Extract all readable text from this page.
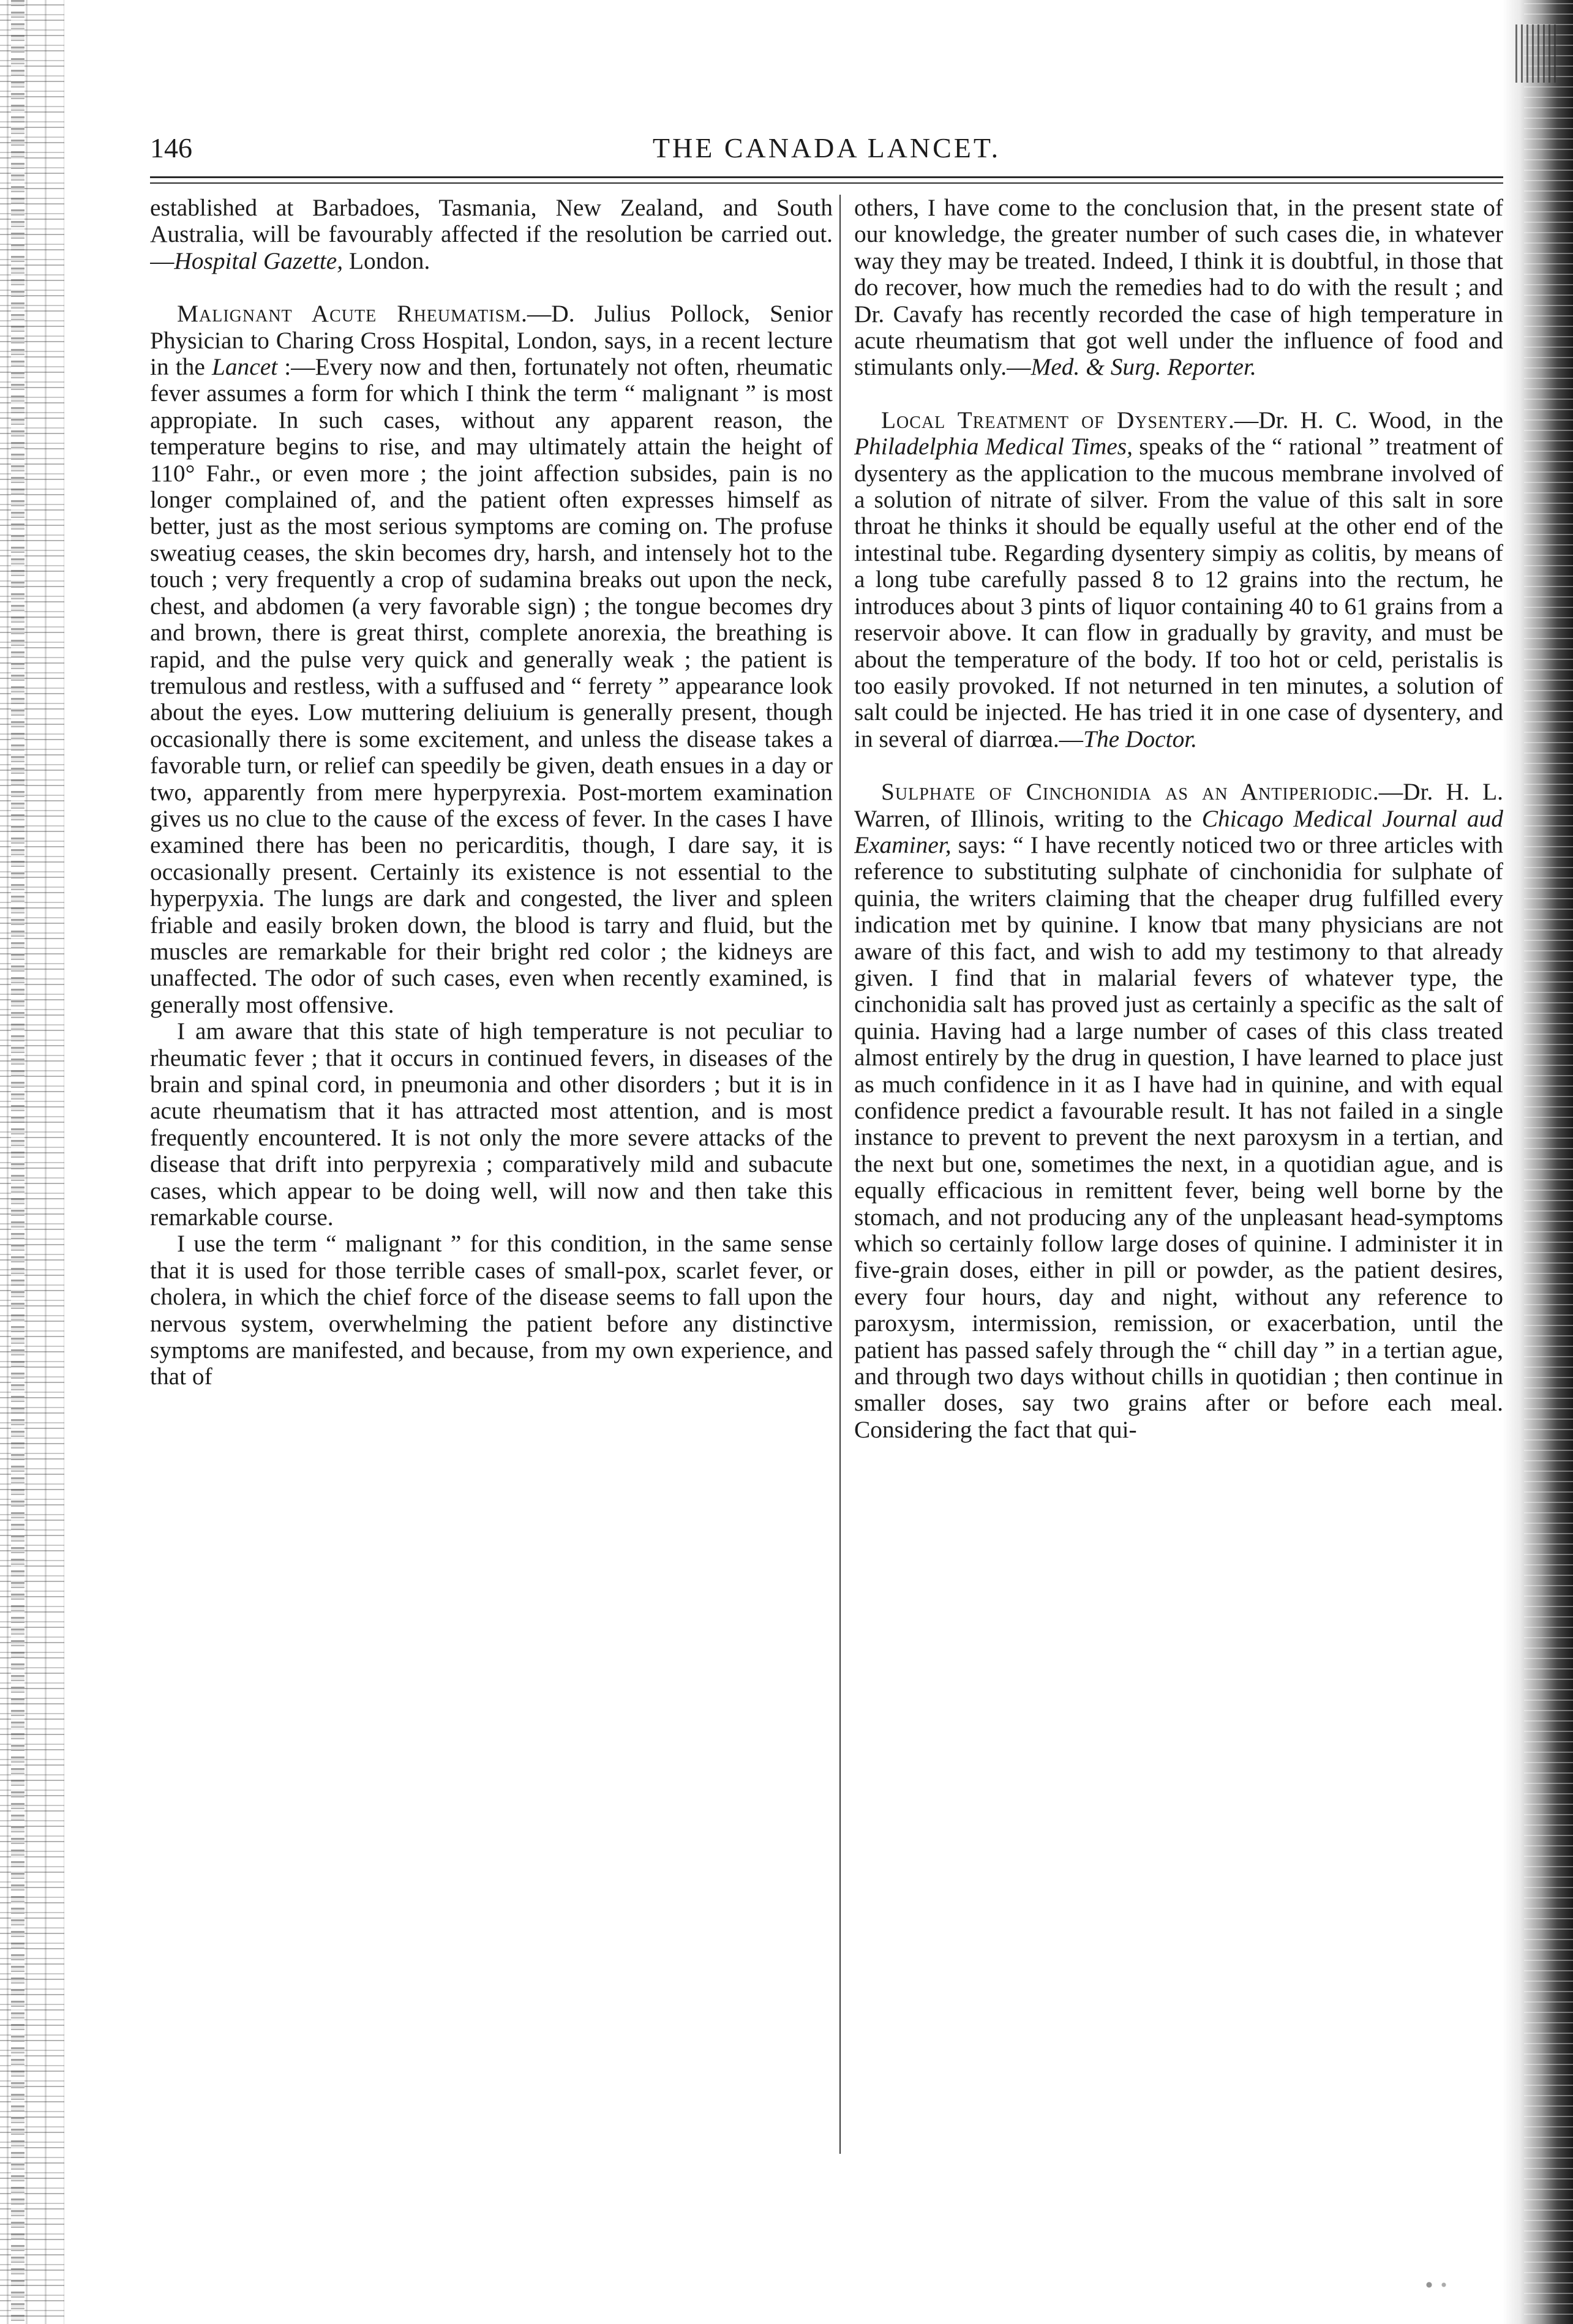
146	THE CANADA LANCET.

established at Barbadoes, Tasmania, New Zealand, and South Australia, will be favourably affected if the resolution be carried out.—Hospital Gazette, London.

Malignant Acute Rheumatism.—D. Julius Pollock, Senior Physician to Charing Cross Hospital, London, says, in a recent lecture in the Lancet :—Every now and then, fortunately not often, rheumatic fever assumes a form for which I think the term “ malignant ” is most appropiate. In such cases, without any apparent reason, the temperature begins to rise, and may ultimately attain the height of 110° Fahr., or even more ; the joint affection subsides, pain is no longer complained of, and the patient often expresses himself as better, just as the most serious symptoms are coming on. The profuse sweatiug ceases, the skin becomes dry, harsh, and intensely hot to the touch ; very frequently a crop of sudamina breaks out upon the neck, chest, and abdomen (a very favorable sign) ; the tongue becomes dry and brown, there is great thirst, complete anorexia, the breathing is rapid, and the pulse very quick and generally weak ; the patient is tremulous and restless, with a suffused and “ ferrety ” appearance look about the eyes. Low muttering deliuium is generally present, though occasionally there is some excitement, and unless the disease takes a favorable turn, or relief can speedily be given, death ensues in a day or two, apparently from mere hyperpyrexia. Post-mortem examination gives us no clue to the cause of the excess of fever. In the cases I have examined there has been no pericarditis, though, I dare say, it is occasionally present. Certainly its existence is not essential to the hyperpyxia. The lungs are dark and congested, the liver and spleen friable and easily broken down, the blood is tarry and fluid, but the muscles are remarkable for their bright red color ; the kidneys are unaffected. The odor of such cases, even when recently examined, is generally most offensive.

I am aware that this state of high temperature is not peculiar to rheumatic fever ; that it occurs in continued fevers, in diseases of the brain and spinal cord, in pneumonia and other disorders ; but it is in acute rheumatism that it has attracted most attention, and is most frequently encountered. It is not only the more severe attacks of the disease that drift into perpyrexia ; comparatively mild and subacute cases, which appear to be doing well, will now and then take this remarkable course.

I use the term “ malignant ” for this condition, in the same sense that it is used for those terrible cases of small-pox, scarlet fever, or cholera, in which the chief force of the disease seems to fall upon the nervous system, overwhelming the patient before any distinctive symptoms are manifested, and because, from my own experience, and that of

others, I have come to the conclusion that, in the present state of our knowledge, the greater number of such cases die, in whatever way they may be treated. Indeed, I think it is doubtful, in those that do recover, how much the remedies had to do with the result ; and Dr. Cavafy has recently recorded the case of high temperature in acute rheumatism that got well under the influence of food and stimulants only.—Med. & Surg. Reporter.

Local Treatment of Dysentery.—Dr. H. C. Wood, in the Philadelphia Medical Times, speaks of the “ rational ” treatment of dysentery as the application to the mucous membrane involved of a solution of nitrate of silver. From the value of this salt in sore throat he thinks it should be equally useful at the other end of the intestinal tube. Regarding dysentery simpiy as colitis, by means of a long tube carefully passed 8 to 12 grains into the rectum, he introduces about 3 pints of liquor containing 40 to 61 grains from a reservoir above. It can flow in gradually by gravity, and must be about the temperature of the body. If too hot or celd, peristalis is too easily provoked. If not neturned in ten minutes, a solution of salt could be injected. He has tried it in one case of dysentery, and in several of diarrœa.—The Doctor.

Sulphate of Cinchonidia as an Antiperiodic.—Dr. H. L. Warren, of Illinois, writing to the Chicago Medical Journal aud Examiner, says: “ I have recently noticed two or three articles with reference to substituting sulphate of cinchonidia for sulphate of quinia, the writers claiming that the cheaper drug fulfilled every indication met by quinine. I know tbat many physicians are not aware of this fact, and wish to add my testimony to that already given. I find that in malarial fevers of whatever type, the cinchonidia salt has proved just as certainly a specific as the salt of quinia. Having had a large number of cases of this class treated almost entirely by the drug in question, I have learned to place just as much confidence in it as I have had in quinine, and with equal confidence predict a favourable result. It has not failed in a single instance to prevent to prevent the next paroxysm in a tertian, and the next but one, sometimes the next, in a quotidian ague, and is equally efficacious in remittent fever, being well borne by the stomach, and not producing any of the unpleasant head-symptoms which so certainly follow large doses of quinine. I administer it in five-grain doses, either in pill or powder, as the patient desires, every four hours, day and night, without any reference to paroxysm, intermission, remission, or exacerbation, until the patient has passed safely through the “ chill day ” in a tertian ague, and through two days without chills in quotidian ; then continue in smaller doses, say two grains after or before each meal. Considering the fact that qui-
